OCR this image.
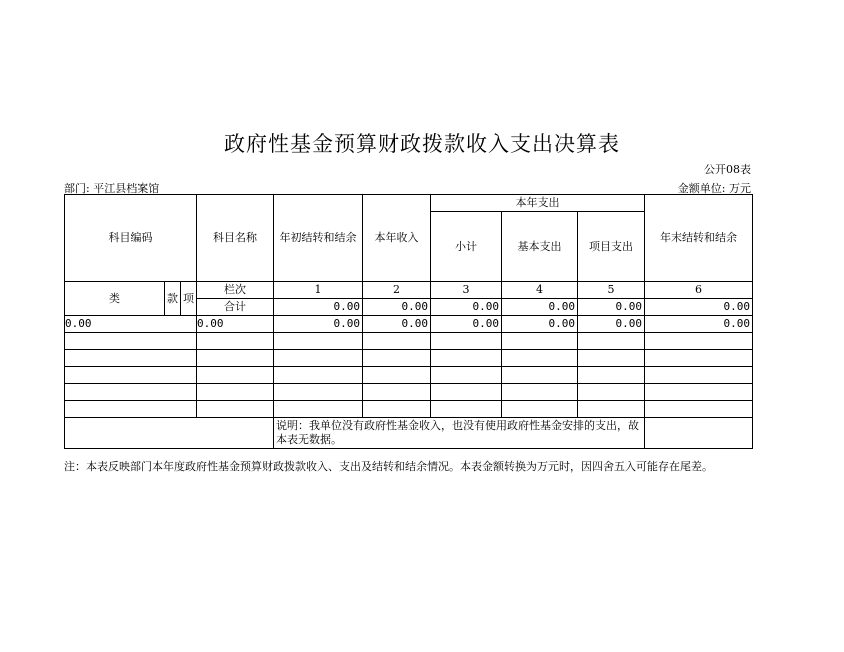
政府性基金预算财政拨款收入支出决算表
公开08表
部门: 平江县档案馆	金额单位: 万元
科目编码			科目名称	年初结转和结余	本年收入	本年支出			年末结转和结余
						小计	基本支出	项目支出	
类	款	项	栏次	1	2	3	4	5	6
			合计	0.00	0.00	0.00	0.00	0.00	0.00
0.00			0.00	0.00	0.00	0.00	0.00	0.00	0.00

				说明：我单位没有政府性基金收入，也没有使用政府性基金安排的支出，故本表无数据。					
注：本表反映部门本年度政府性基金预算财政拨款收入、支出及结转和结余情况。本表金额转换为万元时，因四舍五入可能存在尾差。
